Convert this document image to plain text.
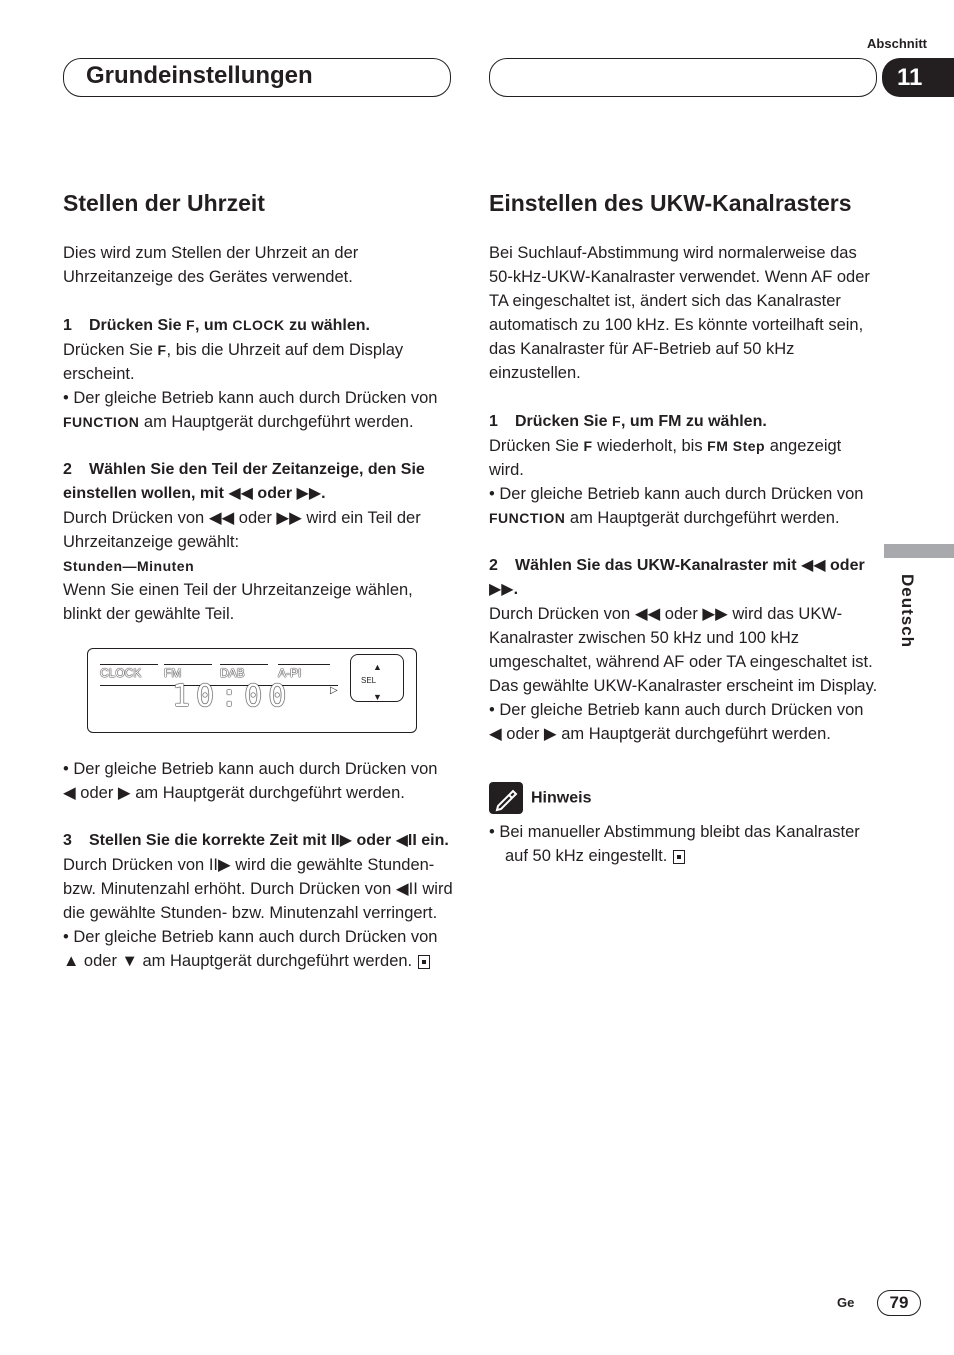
Abschnitt
Grundeinstellungen	11
Stellen der Uhrzeit

Dies wird zum Stellen der Uhrzeit an der Uhrzeitanzeige des Gerätes verwendet.

1 Drücken Sie F, um CLOCK zu wählen.

Drücken Sie F, bis die Uhrzeit auf dem Display erscheint.

• Der gleiche Betrieb kann auch durch Drücken von FUNCTION am Hauptgerät durchgeführt werden.

2 Wählen Sie den Teil der Zeitanzeige, den Sie einstellen wollen, mit ◀◀ oder ▶▶.

Durch Drücken von ◀◀ oder ▶▶ wird ein Teil der Uhrzeitanzeige gewählt:

Stunden—Minuten

Wenn Sie einen Teil der Uhrzeitanzeige wählen, blinkt der gewählte Teil.

CLOCK	FM	DAB	A-PI
▷
10:00
▲
▼
SEL

• Der gleiche Betrieb kann auch durch Drücken von ◀ oder ▶ am Hauptgerät durchgeführt werden.

3 Stellen Sie die korrekte Zeit mit II▶ oder ◀II ein.

Durch Drücken von II▶ wird die gewählte Stunden- bzw. Minutenzahl erhöht. Durch Drücken von ◀II wird die gewählte Stunden- bzw. Minutenzahl verringert.

• Der gleiche Betrieb kann auch durch Drücken von ▲ oder ▼ am Hauptgerät durchgeführt werden.

Einstellen des UKW-Kanalrasters

Bei Suchlauf-Abstimmung wird normalerweise das 50-kHz-UKW-Kanalraster verwendet. Wenn AF oder TA eingeschaltet ist, ändert sich das Kanalraster automatisch zu 100 kHz. Es könnte vorteilhaft sein, das Kanalraster für AF-Betrieb auf 50 kHz einzustellen.

1 Drücken Sie F, um FM zu wählen.

Drücken Sie F wiederholt, bis FM Step angezeigt wird.

• Der gleiche Betrieb kann auch durch Drücken von FUNCTION am Hauptgerät durchgeführt werden.

2 Wählen Sie das UKW-Kanalraster mit ◀◀ oder ▶▶.

Durch Drücken von ◀◀ oder ▶▶ wird das UKW-Kanalraster zwischen 50 kHz und 100 kHz umgeschaltet, während AF oder TA eingeschaltet ist. Das gewählte UKW-Kanalraster erscheint im Display.

• Der gleiche Betrieb kann auch durch Drücken von ◀ oder ▶ am Hauptgerät durchgeführt werden.

Hinweis

• Bei manueller Abstimmung bleibt das Kanalraster auf 50 kHz eingestellt.

Deutsch
Ge	79
